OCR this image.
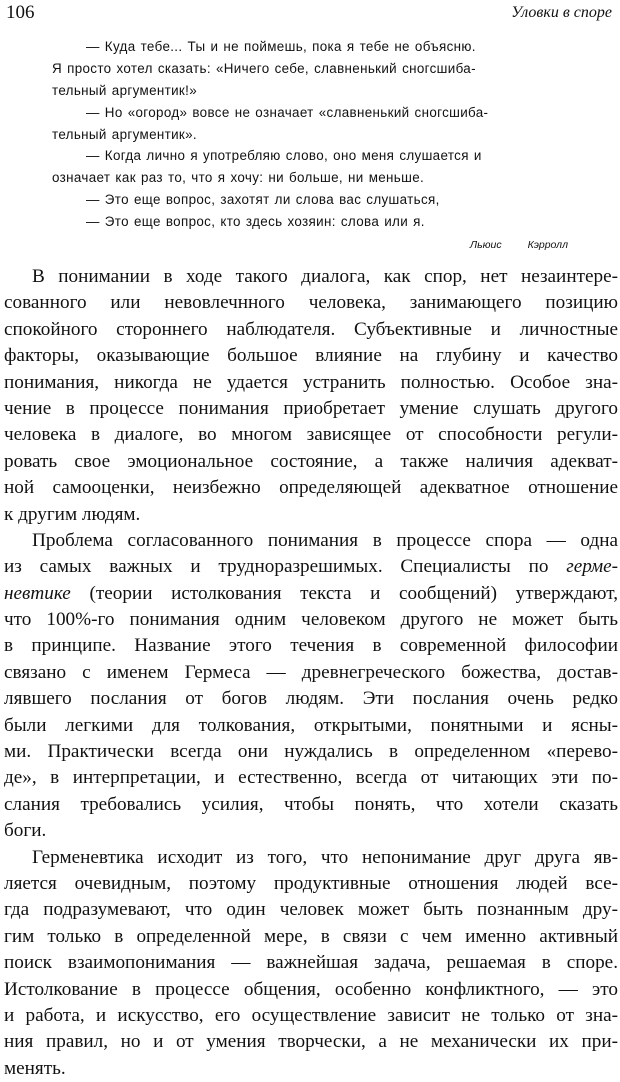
106	Уловки в споре
— Куда тебе... Ты и не поймешь, пока я тебе не объясню.
Я просто хотел сказать: «Ничего себе, славненький сногсшиба-
тельный аргументик!»
— Но «огород» вовсе не означает «славненький сногсшиба-
тельный аргументик».
— Когда лично я употребляю слово, оно меня слушается и
означает как раз то, что я хочу: ни больше, ни меньше.
— Это еще вопрос, захотят ли слова вас слушаться,
— Это еще вопрос, кто здесь хозяин: слова или я.
Льюис Кэрролл
В понимании в ходе такого диалога, как спор, нет незаинтере-
сованного или невовлечнного человека, занимающего позицию
спокойного стороннего наблюдателя. Субъективные и личностные
факторы, оказывающие большое влияние на глубину и качество
понимания, никогда не удается устранить полностью. Особое зна-
чение в процессе понимания приобретает умение слушать другого
человека в диалоге, во многом зависящее от способности регули-
ровать свое эмоциональное состояние, а также наличия адекват-
ной самооценки, неизбежно определяющей адекватное отношение
к другим людям.
Проблема согласованного понимания в процессе спора — одна
из самых важных и трудноразрешимых. Специалисты по герме-
невтике (теории истолкования текста и сообщений) утверждают,
что 100%-го понимания одним человеком другого не может быть
в принципе. Название этого течения в современной философии
связано с именем Гермеса — древнегреческого божества, достав-
лявшего послания от богов людям. Эти послания очень редко
были легкими для толкования, открытыми, понятными и ясны-
ми. Практически всегда они нуждались в определенном «перево-
де», в интерпретации, и естественно, всегда от читающих эти по-
слания требовались усилия, чтобы понять, что хотели сказать
боги.
Герменевтика исходит из того, что непонимание друг друга яв-
ляется очевидным, поэтому продуктивные отношения людей все-
гда подразумевают, что один человек может быть познанным дру-
гим только в определенной мере, в связи с чем именно активный
поиск взаимопонимания — важнейшая задача, решаемая в споре.
Истолкование в процессе общения, особенно конфликтного, — это
и работа, и искусство, его осуществление зависит не только от зна-
ния правил, но и от умения творчески, а не механически их при-
менять.
